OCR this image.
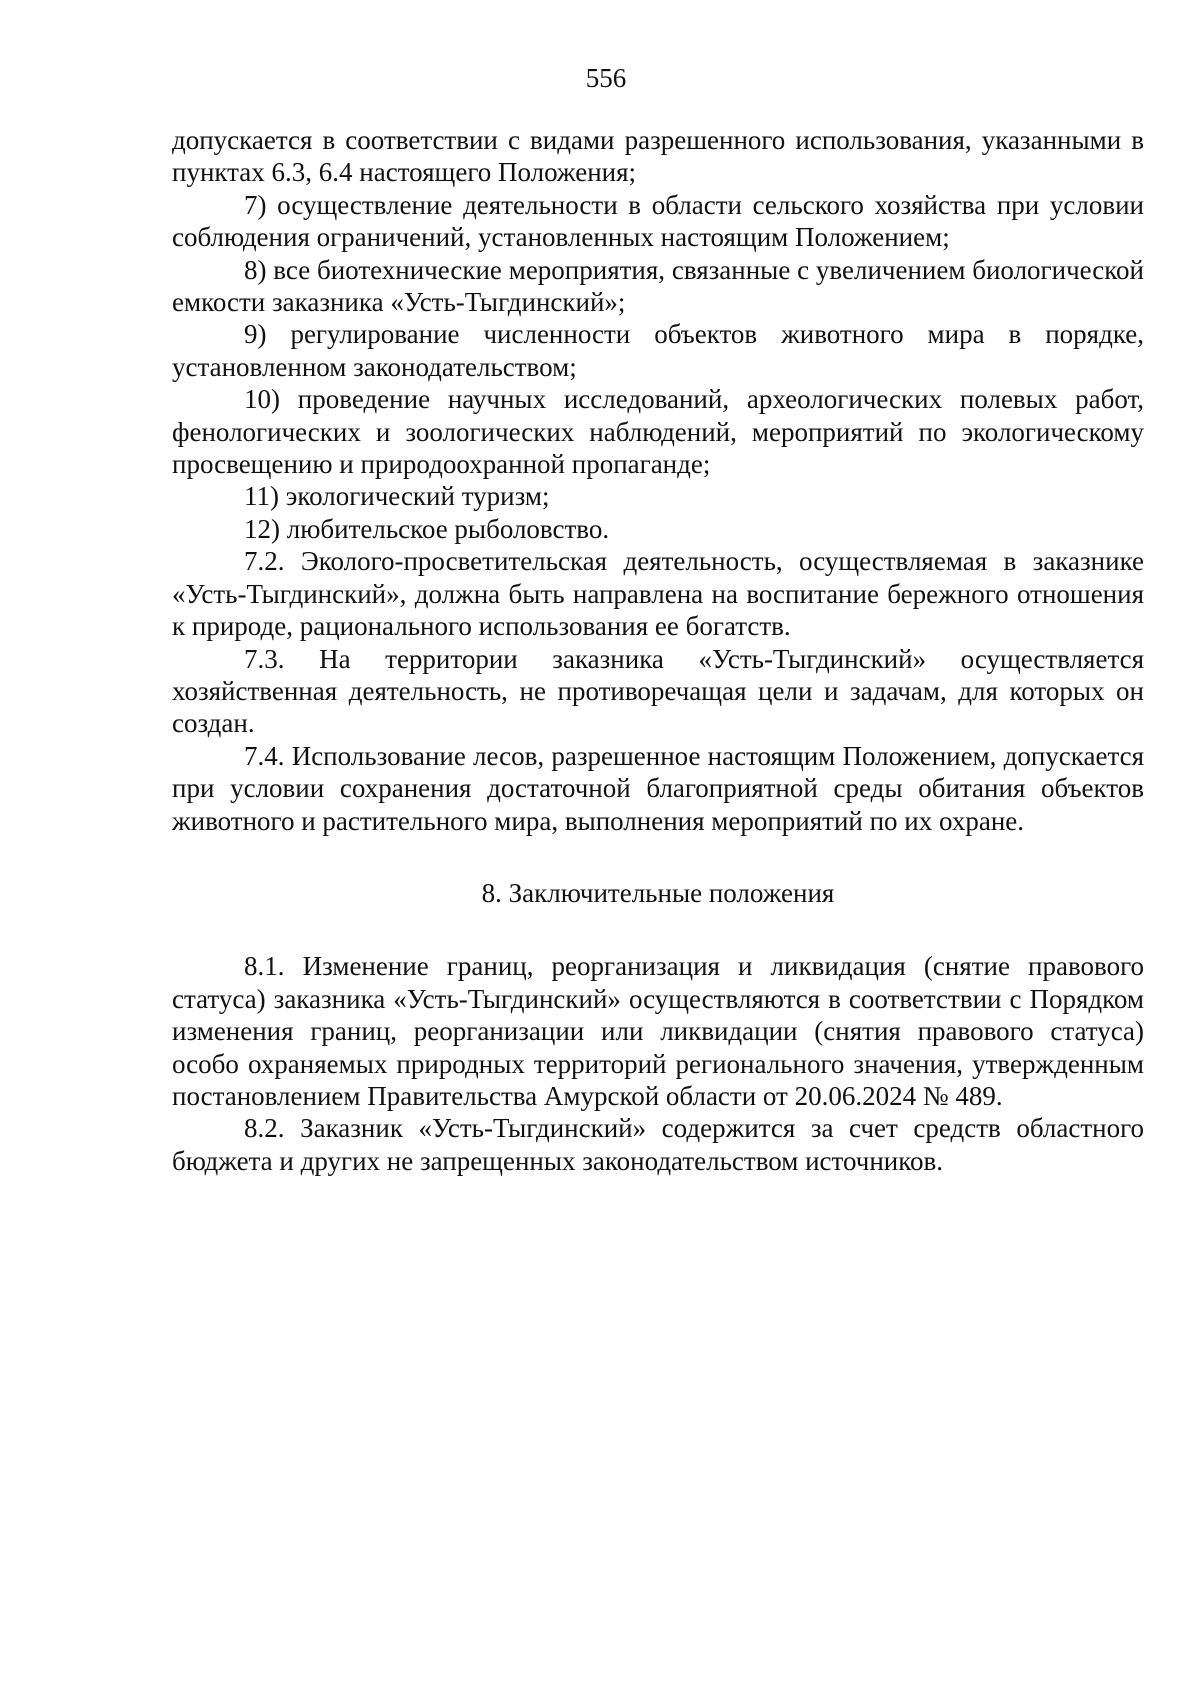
556

допускается в соответствии с видами разрешенного использования, указанными в пунктах 6.3, 6.4 настоящего Положения;

7) осуществление деятельности в области сельского хозяйства при условии соблюдения ограничений, установленных настоящим Положением;

8) все биотехнические мероприятия, связанные с увеличением биологической емкости заказника «Усть-Тыгдинский»;

9) регулирование численности объектов животного мира в порядке, установленном законодательством;

10) проведение научных исследований, археологических полевых работ, фенологических и зоологических наблюдений, мероприятий по экологическому просвещению и природоохранной пропаганде;

11) экологический туризм;

12) любительское рыболовство.

7.2. Эколого-просветительская деятельность, осуществляемая в заказнике «Усть-Тыгдинский», должна быть направлена на воспитание бережного отношения к природе, рационального использования ее богатств.

7.3. На территории заказника «Усть-Тыгдинский» осуществляется хозяйственная деятельность, не противоречащая цели и задачам, для которых он создан.

7.4. Использование лесов, разрешенное настоящим Положением, допускается при условии сохранения достаточной благоприятной среды обитания объектов животного и растительного мира, выполнения мероприятий по их охране.

8. Заключительные положения

8.1. Изменение границ, реорганизация и ликвидация (снятие правового статуса) заказника «Усть-Тыгдинский» осуществляются в соответствии с Порядком изменения границ, реорганизации или ликвидации (снятия правового статуса) особо охраняемых природных территорий регионального значения, утвержденным постановлением Правительства Амурской области от 20.06.2024 № 489.

8.2. Заказник «Усть-Тыгдинский» содержится за счет средств областного бюджета и других не запрещенных законодательством источников.
